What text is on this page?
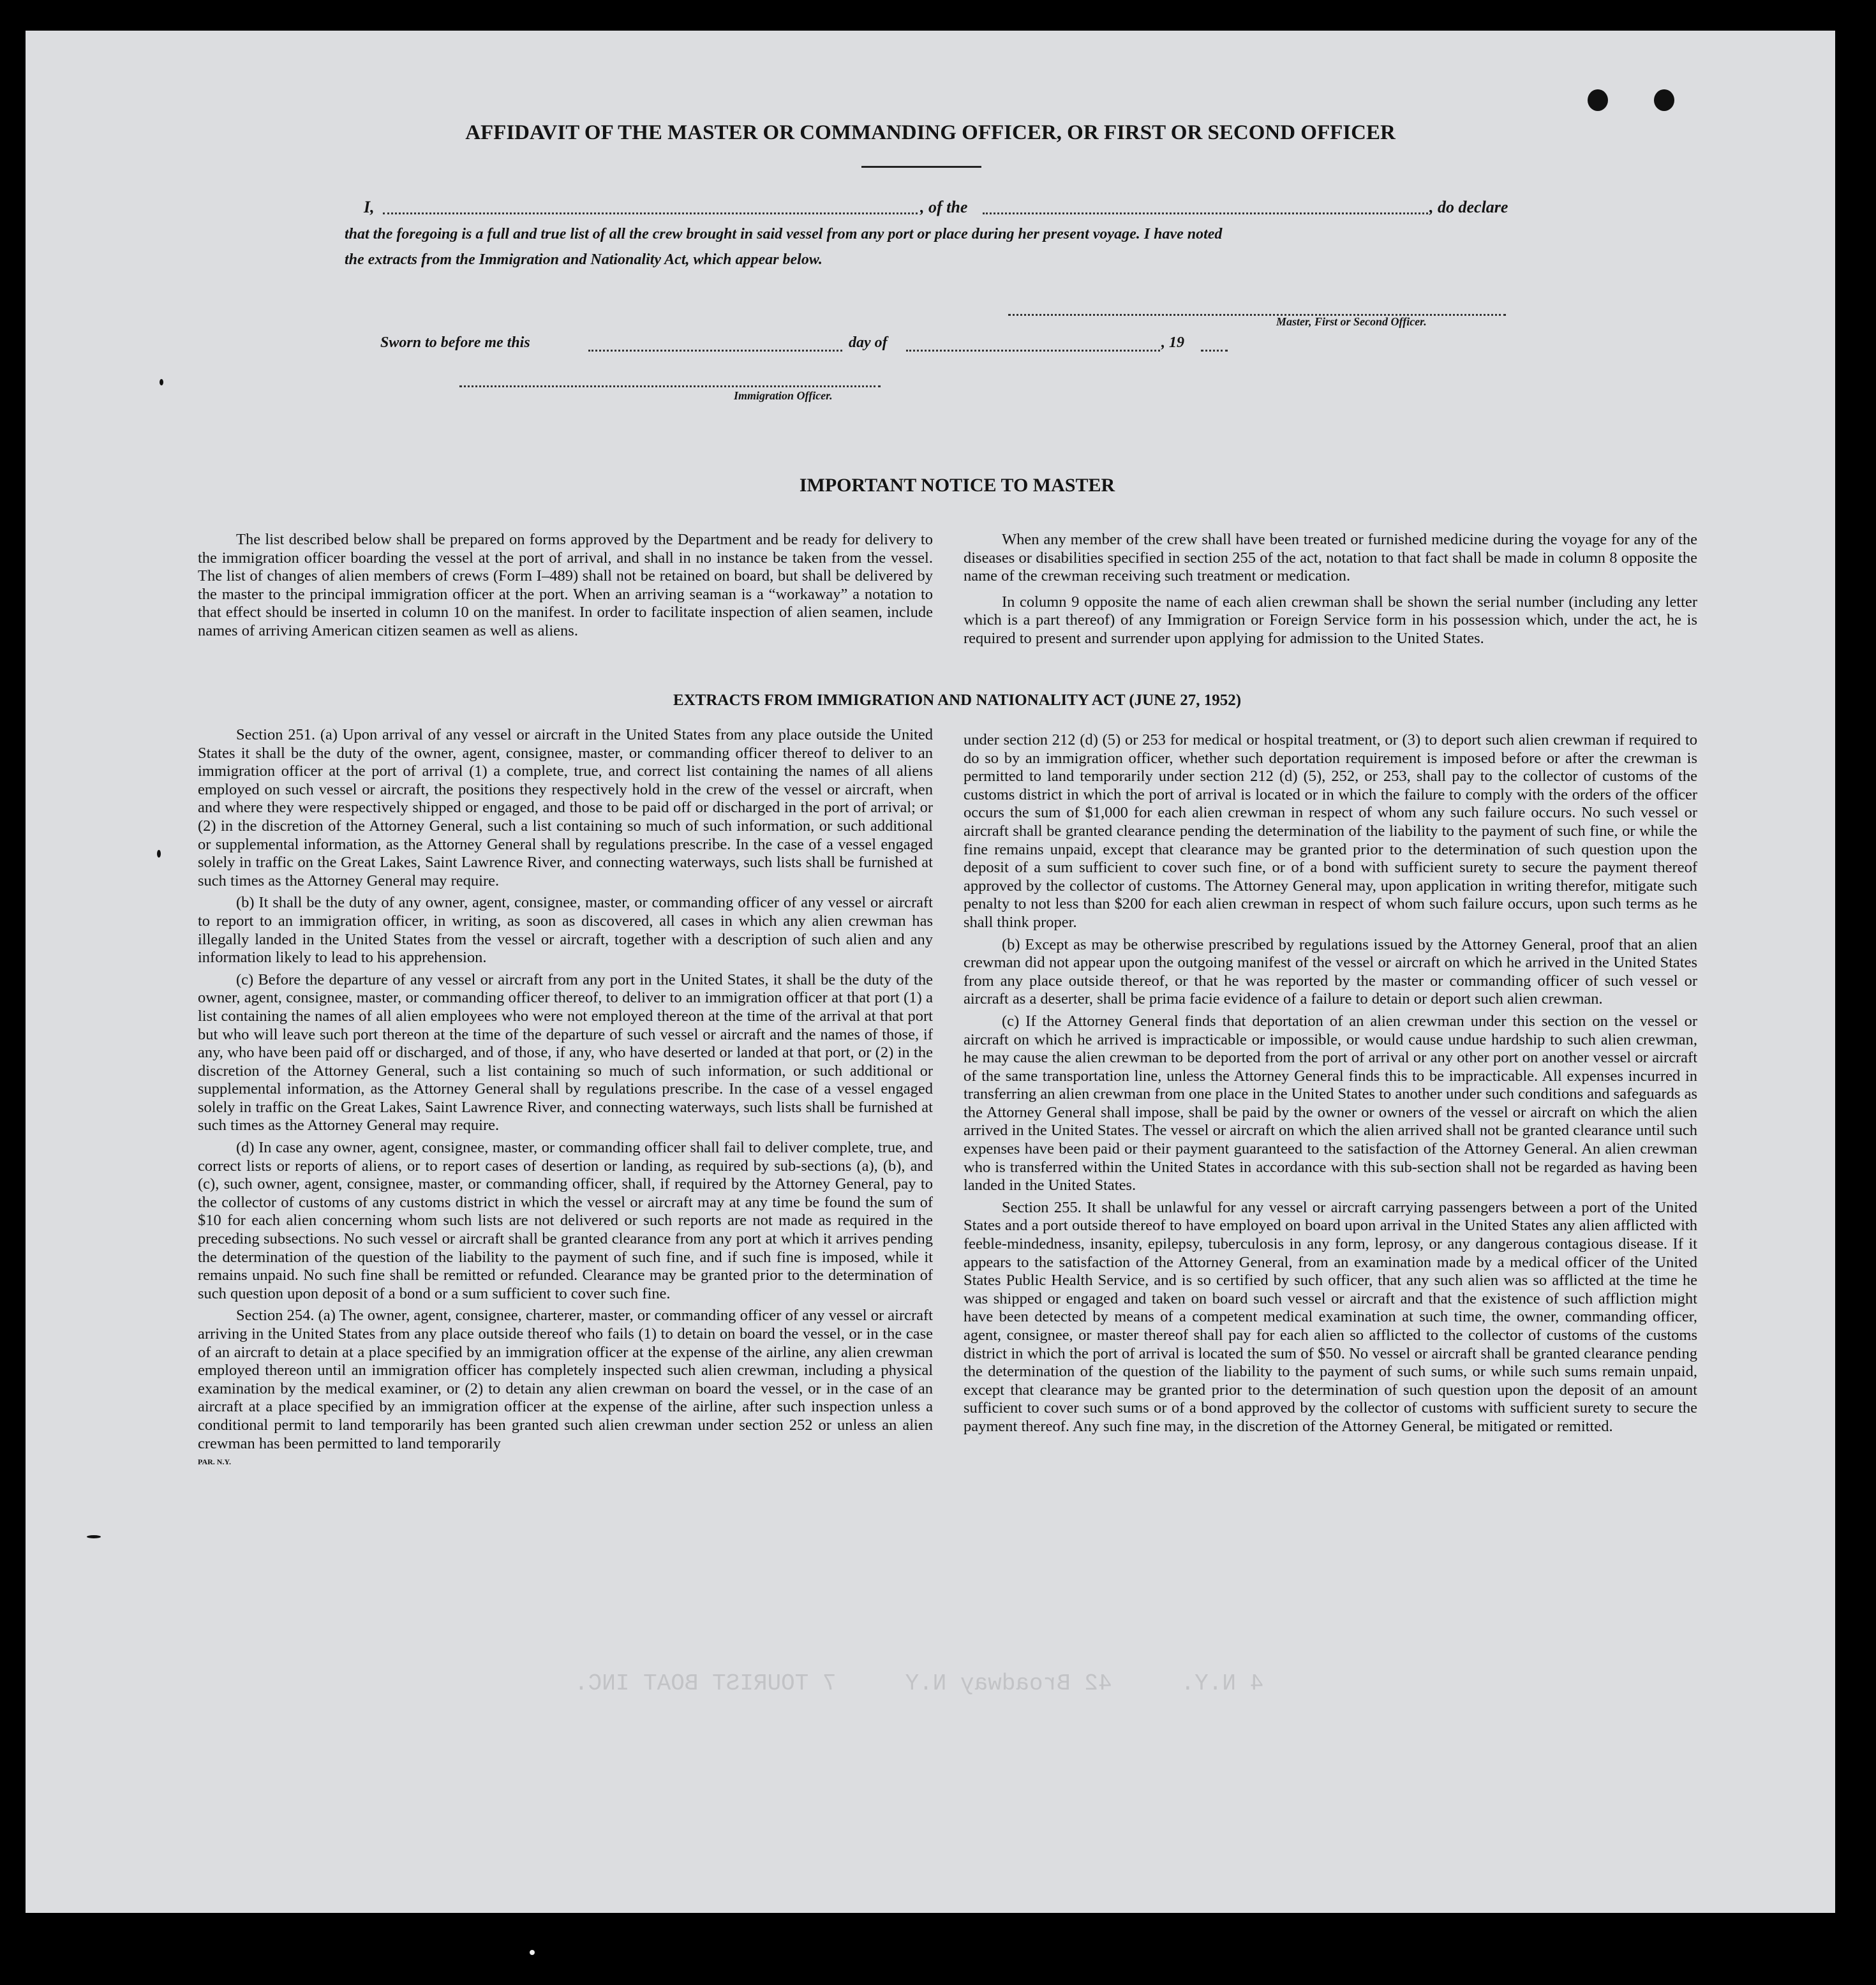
4 N.Y.     42 Broadway N.Y     7 TOURIST BOAT INC.
AFFIDAVIT OF THE MASTER OR COMMANDING OFFICER, OR FIRST OR SECOND OFFICER
I,	, of the	, do declare
that the foregoing is a full and true list of all the crew brought in said vessel from any port or place during her present voyage. I have noted
the extracts from the Immigration and Nationality Act, which appear below.
Master, First or Second Officer.
Sworn to before me this	day of	, 19
Immigration Officer.
IMPORTANT NOTICE TO MASTER

The list described below shall be prepared on forms approved by the Department and be ready for delivery to the immigration officer boarding the vessel at the port of arrival, and shall in no instance be taken from the vessel. The list of changes of alien members of crews (Form I–489) shall not be retained on board, but shall be delivered by the master to the principal immigration officer at the port. When an arriving seaman is a “workaway” a notation to that effect should be inserted in column 10 on the manifest. In order to facilitate inspection of alien seamen, include names of arriving American citizen seamen as well as aliens.

When any member of the crew shall have been treated or furnished medicine during the voyage for any of the diseases or disabilities specified in section 255 of the act, notation to that fact shall be made in column 8 opposite the name of the crewman receiving such treatment or medication.

In column 9 opposite the name of each alien crewman shall be shown the serial number (including any letter which is a part thereof) of any Immigration or Foreign Service form in his possession which, under the act, he is required to present and surrender upon applying for admission to the United States.

EXTRACTS FROM IMMIGRATION AND NATIONALITY ACT (JUNE 27, 1952)

Section 251. (a) Upon arrival of any vessel or aircraft in the United States from any place outside the United States it shall be the duty of the owner, agent, consignee, master, or commanding officer thereof to deliver to an immigration officer at the port of arrival (1) a complete, true, and correct list containing the names of all aliens employed on such vessel or aircraft, the positions they respectively hold in the crew of the vessel or aircraft, when and where they were respectively shipped or engaged, and those to be paid off or discharged in the port of arrival; or (2) in the discretion of the Attorney General, such a list containing so much of such information, or such additional or supplemental information, as the Attorney General shall by regulations prescribe. In the case of a vessel engaged solely in traffic on the Great Lakes, Saint Lawrence River, and connecting waterways, such lists shall be furnished at such times as the Attorney General may require.

(b) It shall be the duty of any owner, agent, consignee, master, or commanding officer of any vessel or aircraft to report to an immigration officer, in writing, as soon as discovered, all cases in which any alien crewman has illegally landed in the United States from the vessel or aircraft, together with a description of such alien and any information likely to lead to his apprehension.

(c) Before the departure of any vessel or aircraft from any port in the United States, it shall be the duty of the owner, agent, consignee, master, or commanding officer thereof, to deliver to an immigration officer at that port (1) a list containing the names of all alien employees who were not employed thereon at the time of the arrival at that port but who will leave such port thereon at the time of the departure of such vessel or aircraft and the names of those, if any, who have been paid off or discharged, and of those, if any, who have deserted or landed at that port, or (2) in the discretion of the Attorney General, such a list containing so much of such information, or such additional or supplemental information, as the Attorney General shall by regulations prescribe. In the case of a vessel engaged solely in traffic on the Great Lakes, Saint Lawrence River, and connecting waterways, such lists shall be furnished at such times as the Attorney General may require.

(d) In case any owner, agent, consignee, master, or commanding officer shall fail to deliver complete, true, and correct lists or reports of aliens, or to report cases of desertion or landing, as required by sub-sections (a), (b), and (c), such owner, agent, consignee, master, or commanding officer, shall, if required by the Attorney General, pay to the collector of customs of any customs district in which the vessel or aircraft may at any time be found the sum of $10 for each alien concerning whom such lists are not delivered or such reports are not made as required in the preceding subsections. No such vessel or aircraft shall be granted clearance from any port at which it arrives pending the determination of the question of the liability to the payment of such fine, and if such fine is imposed, while it remains unpaid. No such fine shall be remitted or refunded. Clearance may be granted prior to the determination of such question upon deposit of a bond or a sum sufficient to cover such fine.

Section 254. (a) The owner, agent, consignee, charterer, master, or commanding officer of any vessel or aircraft arriving in the United States from any place outside thereof who fails (1) to detain on board the vessel, or in the case of an aircraft to detain at a place specified by an immigration officer at the expense of the airline, any alien crewman employed thereon until an immigration officer has completely inspected such alien crewman, including a physical examination by the medical examiner, or (2) to detain any alien crewman on board the vessel, or in the case of an aircraft at a place specified by an immigration officer at the expense of the airline, after such inspection unless a conditional permit to land temporarily has been granted such alien crewman under section 252 or unless an alien crewman has been permitted to land temporarily

PAR. N.Y.

under section 212 (d) (5) or 253 for medical or hospital treatment, or (3) to deport such alien crewman if required to do so by an immigration officer, whether such deportation requirement is imposed before or after the crewman is permitted to land temporarily under section 212 (d) (5), 252, or 253, shall pay to the collector of customs of the customs district in which the port of arrival is located or in which the failure to comply with the orders of the officer occurs the sum of $1,000 for each alien crewman in respect of whom any such failure occurs. No such vessel or aircraft shall be granted clearance pending the determination of the liability to the payment of such fine, or while the fine remains unpaid, except that clearance may be granted prior to the determination of such question upon the deposit of a sum sufficient to cover such fine, or of a bond with sufficient surety to secure the payment thereof approved by the collector of customs. The Attorney General may, upon application in writing therefor, mitigate such penalty to not less than $200 for each alien crewman in respect of whom such failure occurs, upon such terms as he shall think proper.

(b) Except as may be otherwise prescribed by regulations issued by the Attorney General, proof that an alien crewman did not appear upon the outgoing manifest of the vessel or aircraft on which he arrived in the United States from any place outside thereof, or that he was reported by the master or commanding officer of such vessel or aircraft as a deserter, shall be prima facie evidence of a failure to detain or deport such alien crewman.

(c) If the Attorney General finds that deportation of an alien crewman under this section on the vessel or aircraft on which he arrived is impracticable or impossible, or would cause undue hardship to such alien crewman, he may cause the alien crewman to be deported from the port of arrival or any other port on another vessel or aircraft of the same transportation line, unless the Attorney General finds this to be impracticable. All expenses incurred in transferring an alien crewman from one place in the United States to another under such conditions and safeguards as the Attorney General shall impose, shall be paid by the owner or owners of the vessel or aircraft on which the alien arrived in the United States. The vessel or aircraft on which the alien arrived shall not be granted clearance until such expenses have been paid or their payment guaranteed to the satisfaction of the Attorney General. An alien crewman who is transferred within the United States in accordance with this sub-section shall not be regarded as having been landed in the United States.

Section 255. It shall be unlawful for any vessel or aircraft carrying passengers between a port of the United States and a port outside thereof to have employed on board upon arrival in the United States any alien afflicted with feeble-mindedness, insanity, epilepsy, tuberculosis in any form, leprosy, or any dangerous contagious disease. If it appears to the satisfaction of the Attorney General, from an examination made by a medical officer of the United States Public Health Service, and is so certified by such officer, that any such alien was so afflicted at the time he was shipped or engaged and taken on board such vessel or aircraft and that the existence of such affliction might have been detected by means of a competent medical examination at such time, the owner, commanding officer, agent, consignee, or master thereof shall pay for each alien so afflicted to the collector of customs of the customs district in which the port of arrival is located the sum of $50. No vessel or aircraft shall be granted clearance pending the determination of the question of the liability to the payment of such sums, or while such sums remain unpaid, except that clearance may be granted prior to the determination of such question upon the deposit of an amount sufficient to cover such sums or of a bond approved by the collector of customs with sufficient surety to secure the payment thereof. Any such fine may, in the discretion of the Attorney General, be mitigated or remitted.
